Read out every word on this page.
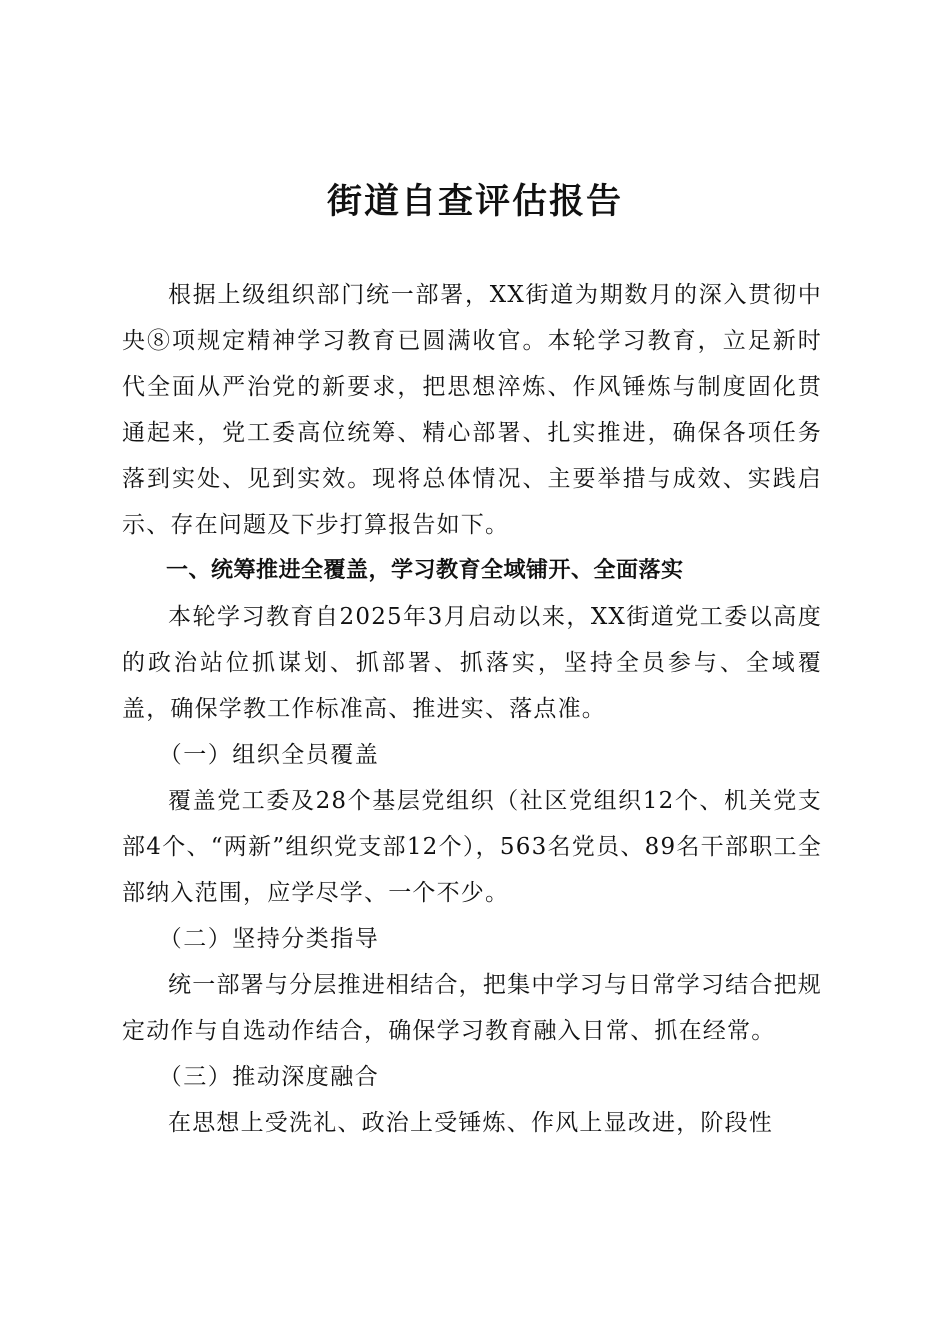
街道自查评估报告

根据上级组织部门统一部署，XX街道为期数月的深入贯彻中央⑧项规定精神学习教育已圆满收官。本轮学习教育，立足新时代全面从严治党的新要求，把思想淬炼、作风锤炼与制度固化贯通起来，党工委高位统筹、精心部署、扎实推进，确保各项任务落到实处、见到实效。现将总体情况、主要举措与成效、实践启示、存在问题及下步打算报告如下。

一、统筹推进全覆盖，学习教育全域铺开、全面落实

本轮学习教育自2025年3月启动以来，XX街道党工委以高度的政治站位抓谋划、抓部署、抓落实，坚持全员参与、全域覆盖，确保学教工作标准高、推进实、落点准。

（一）组织全员覆盖

覆盖党工委及28个基层党组织（社区党组织12个、机关党支部4个、“两新”组织党支部12个），563名党员、89名干部职工全部纳入范围，应学尽学、一个不少。

（二）坚持分类指导

统一部署与分层推进相结合，把集中学习与日常学习结合把规定动作与自选动作结合，确保学习教育融入日常、抓在经常。

（三）推动深度融合

在思想上受洗礼、政治上受锤炼、作风上显改进，阶段性
